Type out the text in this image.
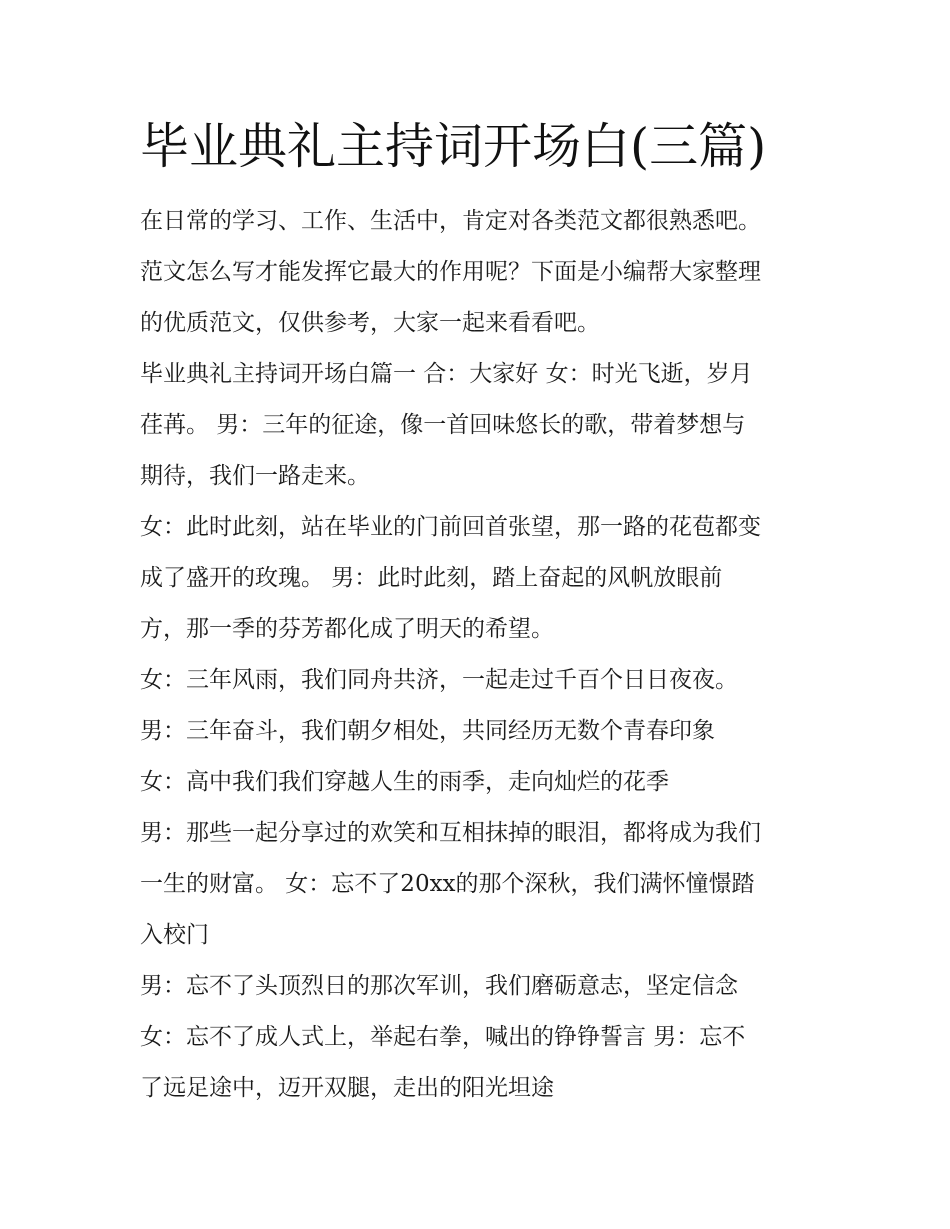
毕业典礼主持词开场白(三篇)
在日常的学习、工作、生活中，肯定对各类范文都很熟悉吧。
范文怎么写才能发挥它最大的作用呢？下面是小编帮大家整理
的优质范文，仅供参考，大家一起来看看吧。
毕业典礼主持词开场白篇一 合：大家好 女：时光飞逝，岁月
荏苒。 男：三年的征途，像一首回味悠长的歌，带着梦想与
期待，我们一路走来。
女：此时此刻，站在毕业的门前回首张望，那一路的花苞都变
成了盛开的玫瑰。 男：此时此刻，踏上奋起的风帆放眼前
方，那一季的芬芳都化成了明天的希望。
女：三年风雨，我们同舟共济，一起走过千百个日日夜夜。
男：三年奋斗，我们朝夕相处，共同经历无数个青春印象
女：高中我们我们穿越人生的雨季，走向灿烂的花季
男：那些一起分享过的欢笑和互相抹掉的眼泪，都将成为我们
一生的财富。 女：忘不了20xx的那个深秋，我们满怀憧憬踏
入校门
男：忘不了头顶烈日的那次军训，我们磨砺意志，坚定信念
女：忘不了成人式上，举起右拳，喊出的铮铮誓言 男：忘不
了远足途中，迈开双腿，走出的阳光坦途
